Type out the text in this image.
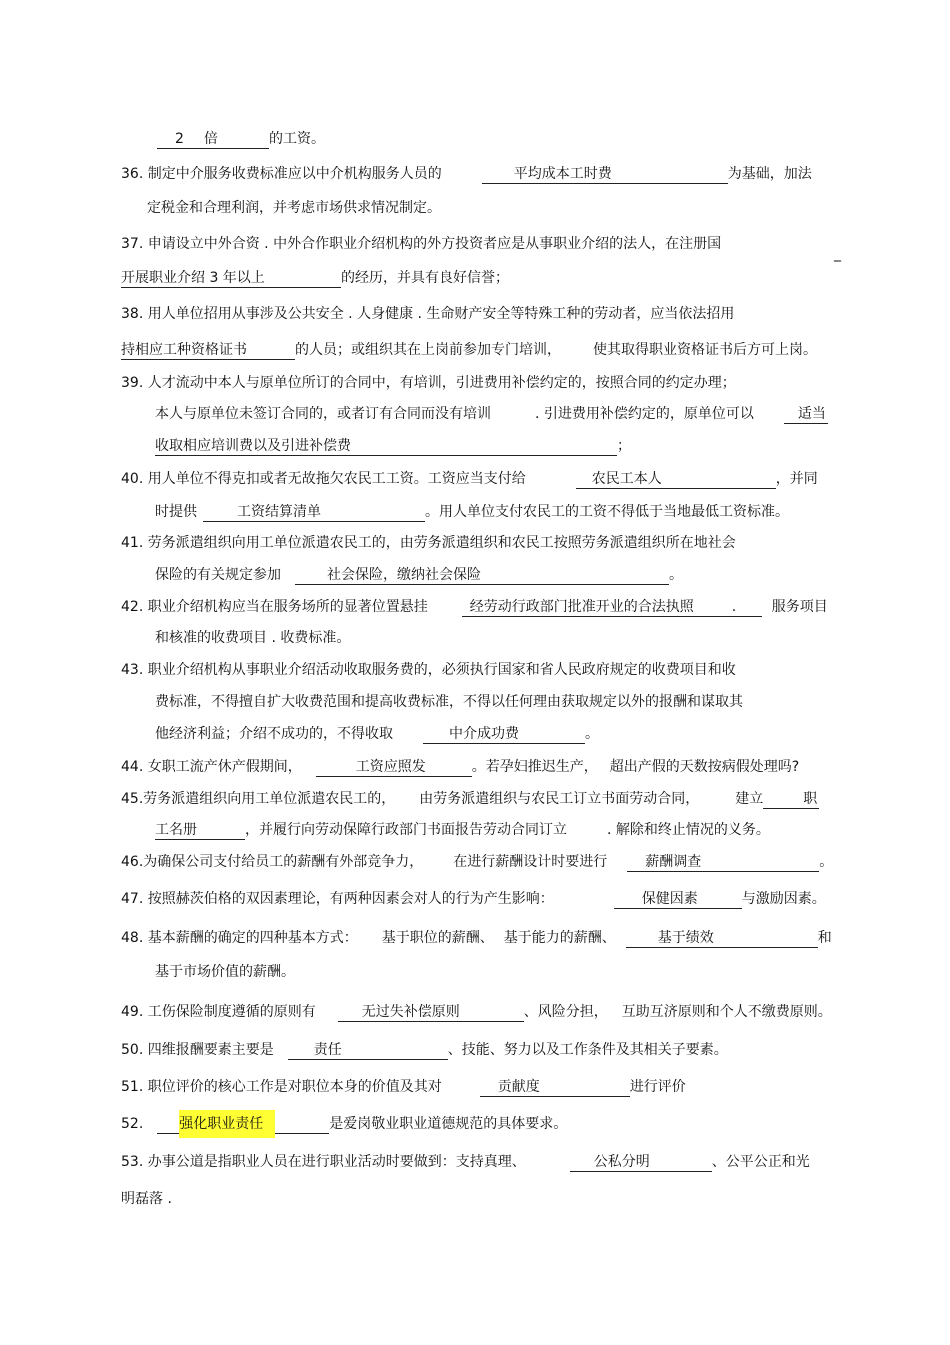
2 倍	的工资。
36. 制定中介服务收费标准应以中介机构服务人员的	平均成本工时费	为基础，加法
定税金和合理利润，并考虑市场供求情况制定。
37. 申请设立中外合资 . 中外合作职业介绍机构的外方投资者应是从事职业介绍的法人，在注册国
_
开展职业介绍 3 年以上	的经历，并具有良好信誉；
38. 用人单位招用从事涉及公共安全 . 人身健康 . 生命财产安全等特殊工种的劳动者，应当依法招用
持相应工种资格证书	的人员；或组织其在上岗前参加专门培训， 使其取得职业资格证书后方可上岗。
39. 人才流动中本人与原单位所订的合同中，有培训，引进费用补偿约定的，按照合同的约定办理；
本人与原单位未签订合同的，或者订有合同而没有培训	. 引进费用补偿约定的，原单位可以	适当
收取相应培训费以及引进补偿费	；
40. 用人单位不得克扣或者无故拖欠农民工工资。工资应当支付给	农民工本人	，并同
时提供	工资结算清单	。用人单位支付农民工的工资不得低于当地最低工资标准。
41. 劳务派遣组织向用工单位派遣农民工的，由劳务派遣组织和农民工按照劳务派遣组织所在地社会
保险的有关规定参加	社会保险，缴纳社会保险	。
42. 职业介绍机构应当在服务场所的显著位置悬挂	经劳动行政部门批准开业的合法执照	.	服务项目
和核准的收费项目 . 收费标准。
43. 职业介绍机构从事职业介绍活动收取服务费的，必须执行国家和省人民政府规定的收费项目和收
费标准，不得擅自扩大收费范围和提高收费标准，不得以任何理由获取规定以外的报酬和谋取其
他经济利益；介绍不成功的，不得收取	中介成功费	。
44. 女职工流产休产假期间，	工资应照发	。若孕妇推迟生产， 超出产假的天数按病假处理吗?
45.劳务派遣组织向用工单位派遣农民工的， 由劳务派遣组织与农民工订立书面劳动合同，	建立	职
工名册	，并履行向劳动保障行政部门书面报告劳动合同订立	. 解除和终止情况的义务。
46.为确保公司支付给员工的薪酬有外部竞争力， 在进行薪酬设计时要进行	薪酬调查	。
47. 按照赫茨伯格的双因素理论，有两种因素会对人的行为产生影响：	保健因素	与激励因素。
48. 基本薪酬的确定的四种基本方式： 基于职位的薪酬、 基于能力的薪酬、	基于绩效	和
基于市场价值的薪酬。
49. 工伤保险制度遵循的原则有	无过失补偿原则	、风险分担， 互助互济原则和个人不缴费原则。
50. 四维报酬要素主要是	责任	、技能、努力以及工作条件及其相关子要素。
51. 职位评价的核心工作是对职位本身的价值及其对	贡献度	进行评价
52.	强化职业责任	是爱岗敬业职业道德规范的具体要求。
53. 办事公道是指职业人员在进行职业活动时要做到：支持真理、	公私分明	、公平公正和光
明磊落 .
